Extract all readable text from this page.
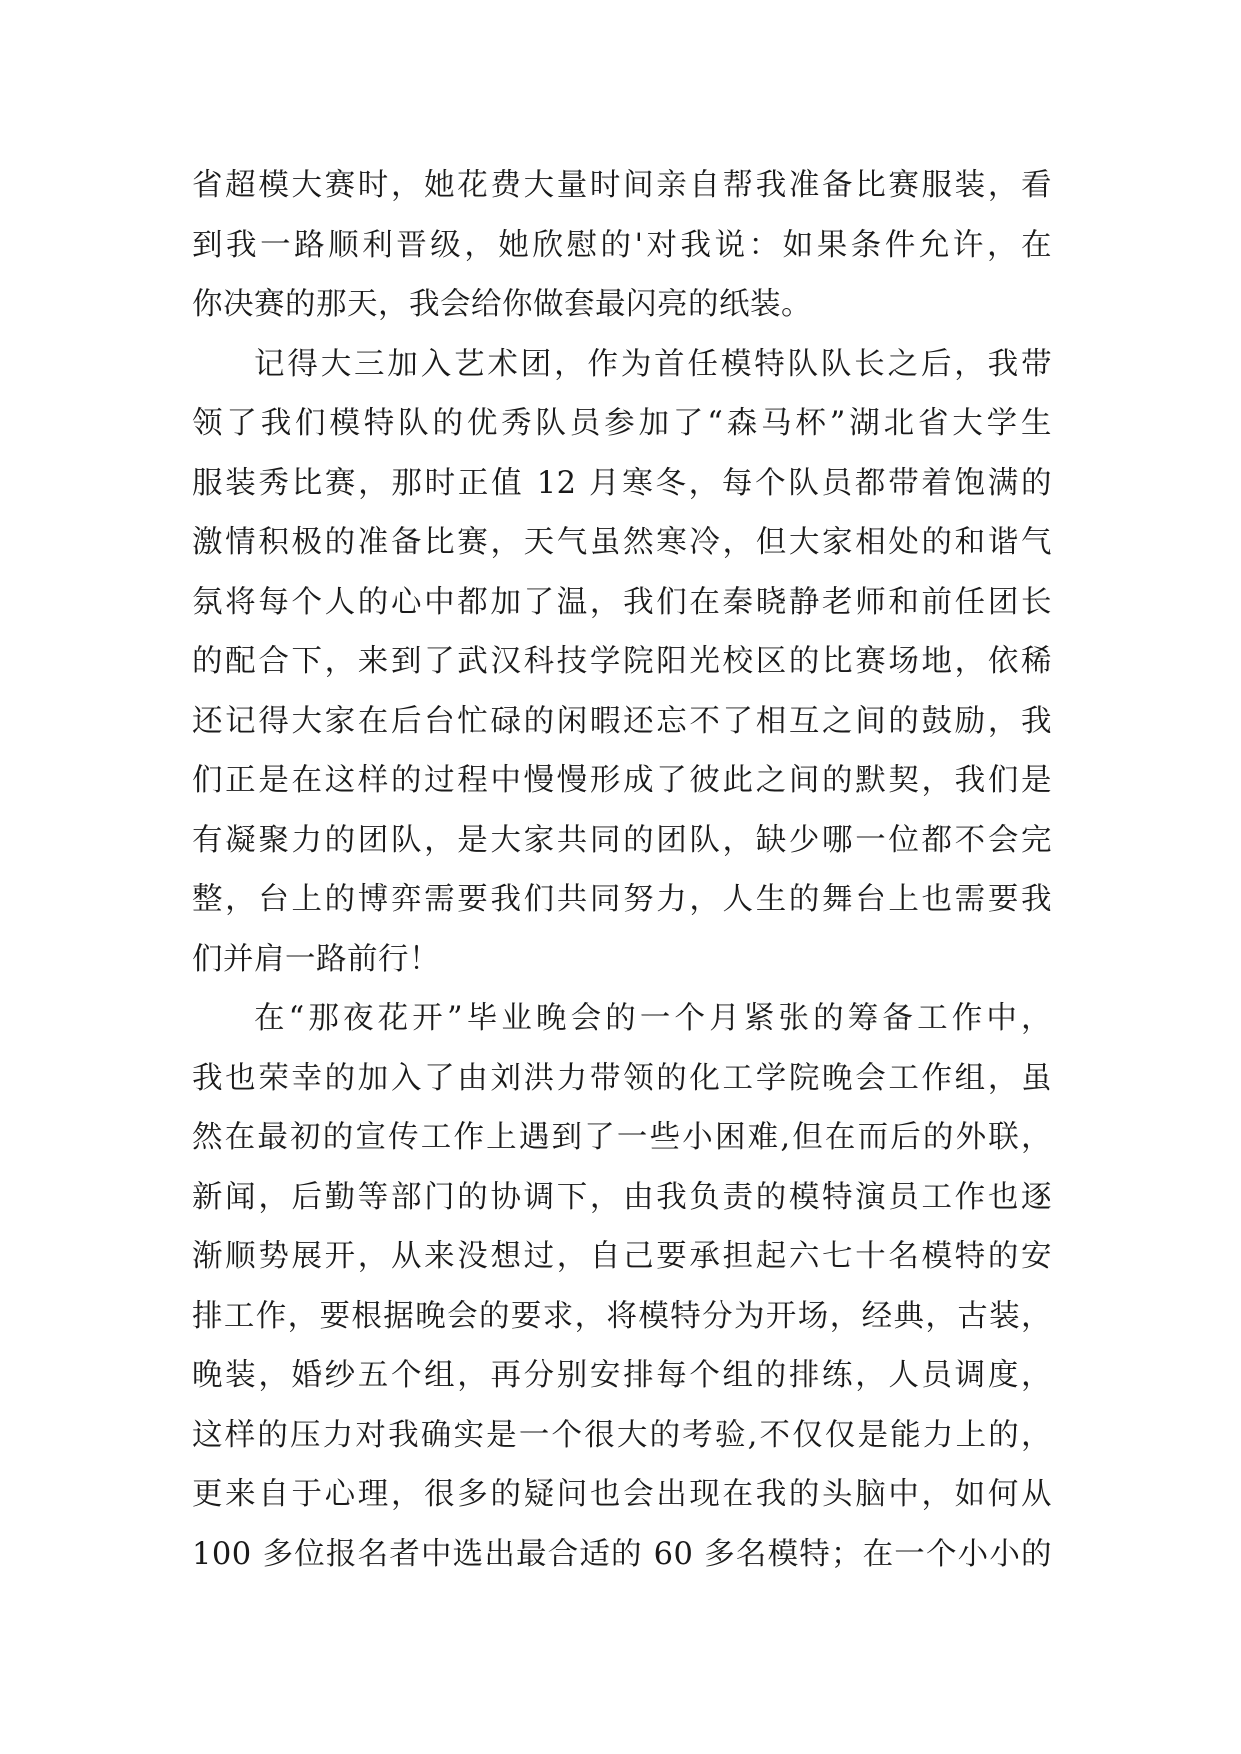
省超模大赛时，她花费大量时间亲自帮我准备比赛服装，看
到我一路顺利晋级，她欣慰的'对我说：如果条件允许，在
你决赛的那天，我会给你做套最闪亮的纸装。
记得大三加入艺术团，作为首任模特队队长之后，我带
领了我们模特队的优秀队员参加了“森马杯”湖北省大学生
服装秀比赛，那时正值 12 月寒冬，每个队员都带着饱满的
激情积极的准备比赛，天气虽然寒冷，但大家相处的和谐气
氛将每个人的心中都加了温，我们在秦晓静老师和前任团长
的配合下，来到了武汉科技学院阳光校区的比赛场地，依稀
还记得大家在后台忙碌的闲暇还忘不了相互之间的鼓励，我
们正是在这样的过程中慢慢形成了彼此之间的默契，我们是
有凝聚力的团队，是大家共同的团队，缺少哪一位都不会完
整，台上的博弈需要我们共同努力，人生的舞台上也需要我
们并肩一路前行！
在“那夜花开”毕业晚会的一个月紧张的筹备工作中，
我也荣幸的加入了由刘洪力带领的化工学院晚会工作组，虽
然在最初的宣传工作上遇到了一些小困难,但在而后的外联，
新闻，后勤等部门的协调下，由我负责的模特演员工作也逐
渐顺势展开，从来没想过，自己要承担起六七十名模特的安
排工作，要根据晚会的要求，将模特分为开场，经典，古装，
晚装，婚纱五个组，再分别安排每个组的排练，人员调度，
这样的压力对我确实是一个很大的考验,不仅仅是能力上的，
更来自于心理，很多的疑问也会出现在我的头脑中，如何从
100 多位报名者中选出最合适的 60 多名模特；在一个小小的
